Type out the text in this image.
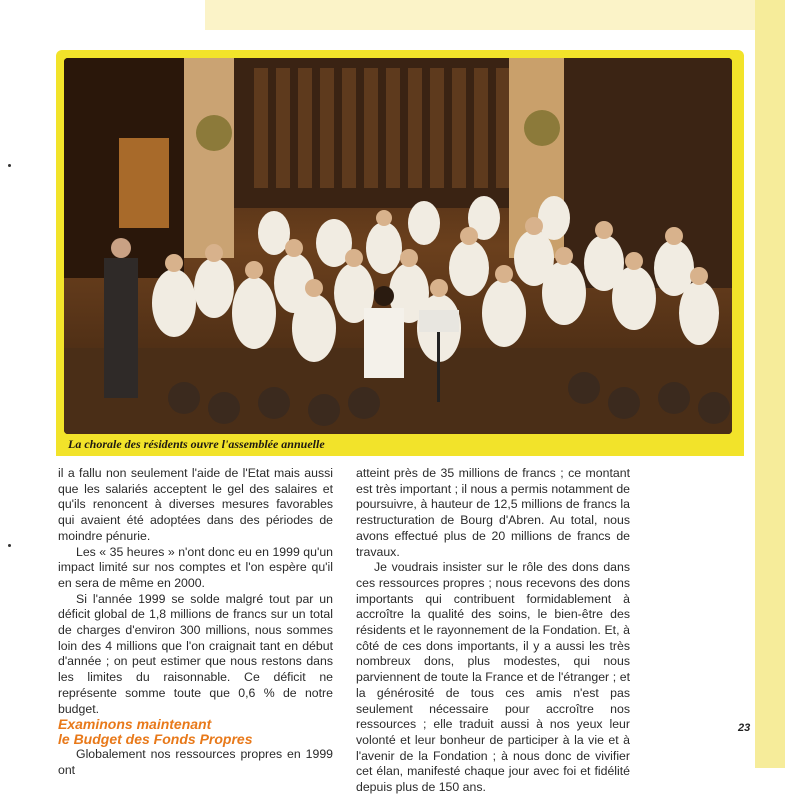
La chorale des résidents ouvre l'assemblée annuelle

il a fallu non seulement l'aide de l'Etat mais aussi que les salariés acceptent le gel des salaires et qu'ils renoncent à diverses mesures favorables qui avaient été adoptées dans des périodes de moindre pénurie.

Les « 35 heures » n'ont donc eu en 1999 qu'un impact limité sur nos comptes et l'on espère qu'il en sera de même en 2000.

Si l'année 1999 se solde malgré tout par un déficit global de 1,8 millions de francs sur un total de charges d'environ 300 millions, nous sommes loin des 4 millions que l'on craignait tant en début d'année ; on peut estimer que nous restons dans les limites du raisonnable. Ce déficit ne représente somme toute que 0,6 % de notre budget.

Examinons maintenant
le Budget des Fonds Propres

Globalement nos ressources propres en 1999 ont

atteint près de 35 millions de francs ; ce montant est très important ; il nous a permis notamment de poursuivre, à hauteur de 12,5 millions de francs la restructuration de Bourg d'Abren. Au total, nous avons effectué plus de 20 millions de francs de travaux.

Je voudrais insister sur le rôle des dons dans ces ressources propres ; nous recevons des dons importants qui contribuent formidablement à accroître la qualité des soins, le bien-être des résidents et le rayonnement de la Fondation. Et, à côté de ces dons importants, il y a aussi les très nombreux dons, plus modestes, qui nous parviennent de toute la France et de l'étranger ; et la générosité de tous ces amis n'est pas seulement nécessaire pour accroître nos ressources ; elle traduit aussi à nos yeux leur volonté et leur bonheur de participer à la vie et à l'avenir de la Fondation ; à nous donc de vivifier cet élan, manifesté chaque jour avec foi et fidélité depuis plus de 150 ans.

23
